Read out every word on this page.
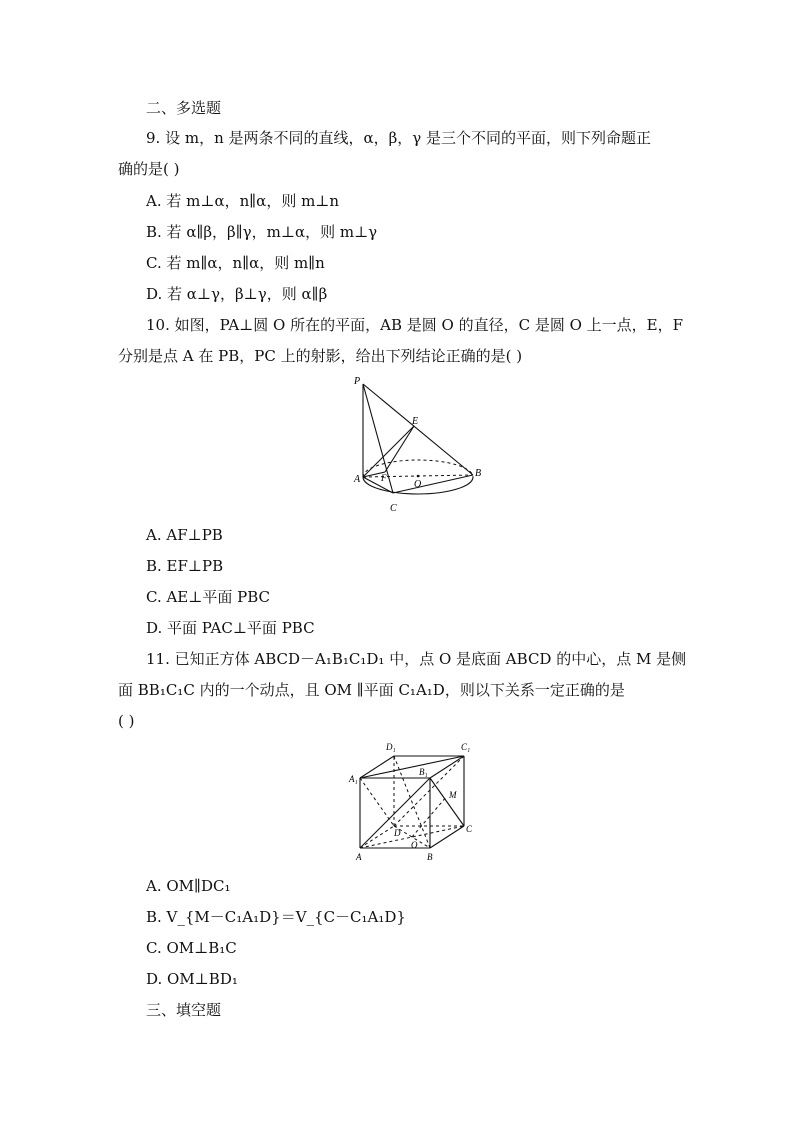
二、多选题
9. 设 m，n 是两条不同的直线，α，β，γ 是三个不同的平面，则下列命题正
确的是( )
A. 若 m⊥α，n∥α，则 m⊥n
B. 若 α∥β，β∥γ，m⊥α，则 m⊥γ
C. 若 m∥α，n∥α，则 m∥n
D. 若 α⊥γ，β⊥γ，则 α∥β
10. 如图，PA⊥圆 O 所在的平面，AB 是圆 O 的直径，C 是圆 O 上一点，E，F
分别是点 A 在 PB，PC 上的射影，给出下列结论正确的是( )
P
E
A F
O
B
C
A. AF⊥PB
B. EF⊥PB
C. AE⊥平面 PBC
D. 平面 PAC⊥平面 PBC
11. 已知正方体 ABCD－A₁B₁C₁D₁ 中，点 O 是底面 ABCD 的中心，点 M 是侧
面 BB₁C₁C 内的一个动点，且 OM ∥平面 C₁A₁D，则以下关系一定正确的是
( )
D₁	C₁
A₁
B₁
M
D	C
O
A	B
A. OM∥DC₁
B. V_{M－C₁A₁D}＝V_{C－C₁A₁D}
C. OM⊥B₁C
D. OM⊥BD₁
三、填空题
